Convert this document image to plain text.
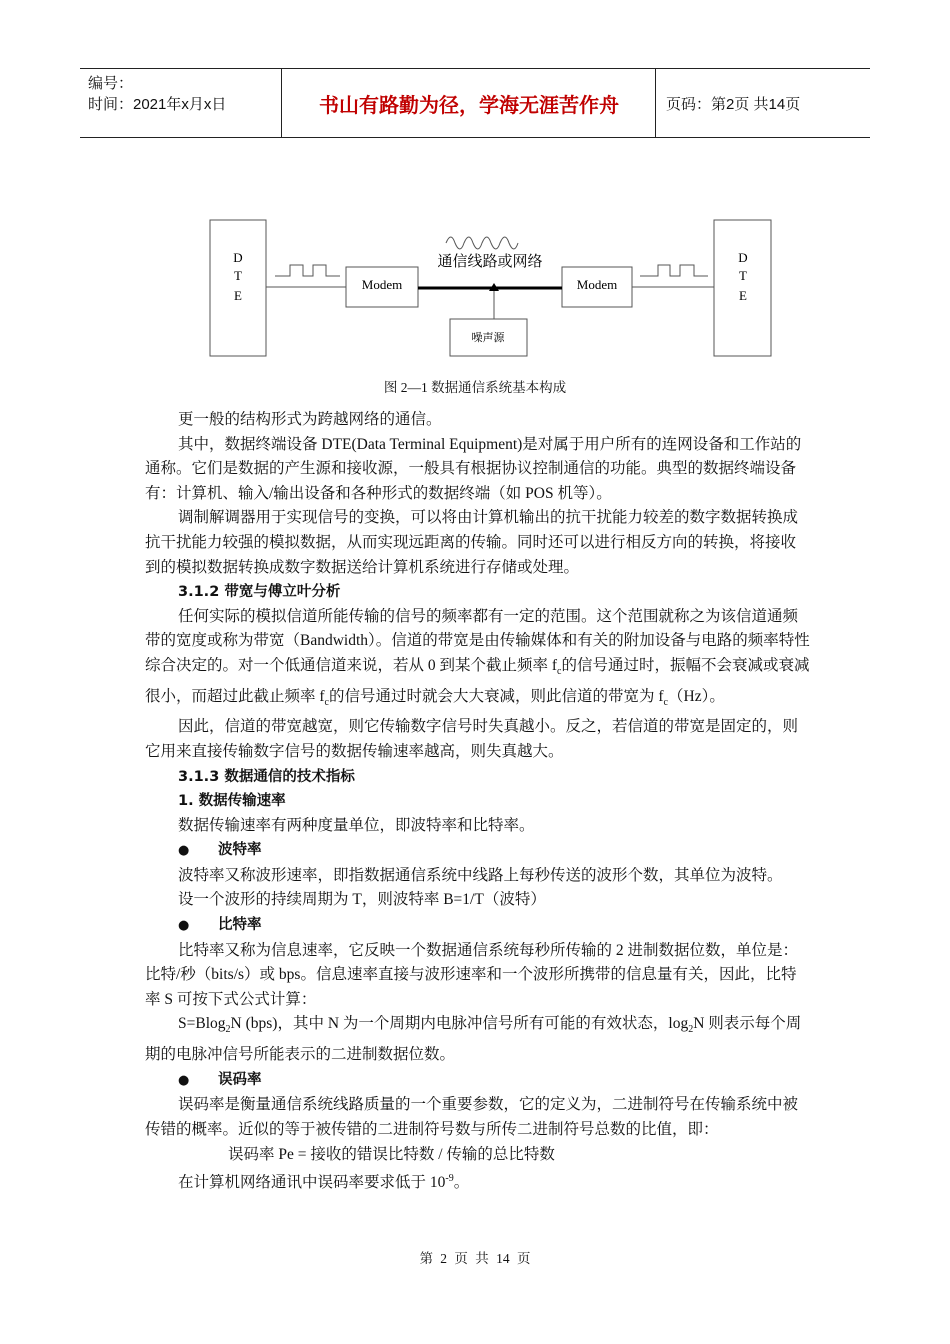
编号：
时间：2021年x月x日	书山有路勤为径，学海无涯苦作舟	页码：第2页 共14页
D
T
E
D
T
E
Modem	Modem
通信线路或网络
噪声源
图 2—1 数据通信系统基本构成

更一般的结构形式为跨越网络的通信。

其中，数据终端设备 DTE(Data Terminal Equipment)是对属于用户所有的连网设备和工作站的通称。它们是数据的产生源和接收源，一般具有根据协议控制通信的功能。典型的数据终端设备有：计算机、输入/输出设备和各种形式的数据终端（如 POS 机等）。

调制解调器用于实现信号的变换，可以将由计算机输出的抗干扰能力较差的数字数据转换成抗干扰能力较强的模拟数据，从而实现远距离的传输。同时还可以进行相反方向的转换，将接收到的模拟数据转换成数字数据送给计算机系统进行存储或处理。

3.1.2 带宽与傅立叶分析

任何实际的模拟信道所能传输的信号的频率都有一定的范围。这个范围就称之为该信道通频带的宽度或称为带宽（Bandwidth）。信道的带宽是由传输媒体和有关的附加设备与电路的频率特性综合决定的。对一个低通信道来说，若从 0 到某个截止频率 $f_c$的信号通过时，振幅不会衰减或衰减很小，而超过此截止频率 $f_c$的信号通过时就会大大衰减，则此信道的带宽为 $f_c(Hz)$。

因此，信道的带宽越宽，则它传输数字信号时失真越小。反之，若信道的带宽是固定的，则它用来直接传输数字信号的数据传输速率越高，则失真越大。

3.1.3 数据通信的技术指标

1. 数据传输速率

数据传输速率有两种度量单位，即波特率和比特率。

● 波特率

波特率又称波形速率，即指数据通信系统中线路上每秒传送的波形个数，其单位为波特。

设一个波形的持续周期为 T，则波特率 B=1/T（波特）

● 比特率

比特率又称为信息速率，它反映一个数据通信系统每秒所传输的 2 进制数据位数，单位是：比特/秒（bits/s）或 bps。信息速率直接与波形速率和一个波形所携带的信息量有关，因此，比特率 S 可按下式公式计算：

S=Blog$_2$N (bps)，其中 N 为一个周期内电脉冲信号所有可能的有效状态，$\log_2N$ 则表示每个周期的电脉冲信号所能表示的二进制数据位数。

● 误码率

误码率是衡量通信系统线路质量的一个重要参数，它的定义为，二进制符号在传输系统中被传错的概率。近似的等于被传错的二进制符号数与所传二进制符号总数的比值，即：

误码率 Pe = 接收的错误比特数 / 传输的总比特数

在计算机网络通讯中误码率要求低于 $10^{-9}$。

第 2 页 共 14 页
